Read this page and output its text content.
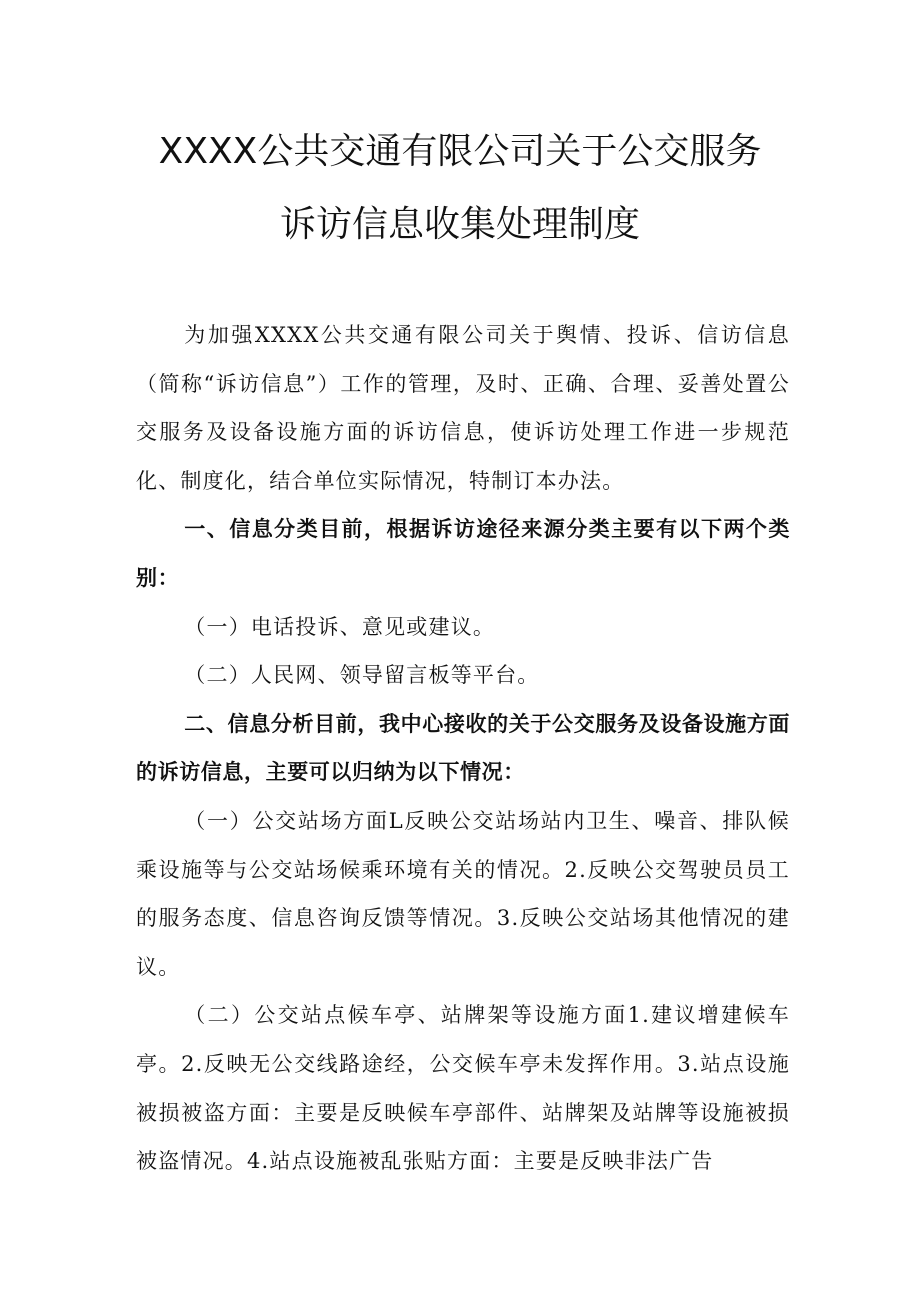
XXXX公共交通有限公司关于公交服务
诉访信息收集处理制度

为加强XXXX公共交通有限公司关于舆情、投诉、信访信息（简称“诉访信息”）工作的管理，及时、正确、合理、妥善处置公交服务及设备设施方面的诉访信息，使诉访处理工作进一步规范化、制度化，结合单位实际情况，特制订本办法。

一、信息分类目前，根据诉访途径来源分类主要有以下两个类别：

（一）电话投诉、意见或建议。

（二）人民网、领导留言板等平台。

二、信息分析目前，我中心接收的关于公交服务及设备设施方面的诉访信息，主要可以归纳为以下情况：

（一）公交站场方面L反映公交站场站内卫生、噪音、排队候乘设施等与公交站场候乘环境有关的情况。2.反映公交驾驶员员工的服务态度、信息咨询反馈等情况。3.反映公交站场其他情况的建议。

（二）公交站点候车亭、站牌架等设施方面1.建议增建候车亭。2.反映无公交线路途经，公交候车亭未发挥作用。3.站点设施被损被盗方面：主要是反映候车亭部件、站牌架及站牌等设施被损被盗情况。4.站点设施被乱张贴方面：主要是反映非法广告
